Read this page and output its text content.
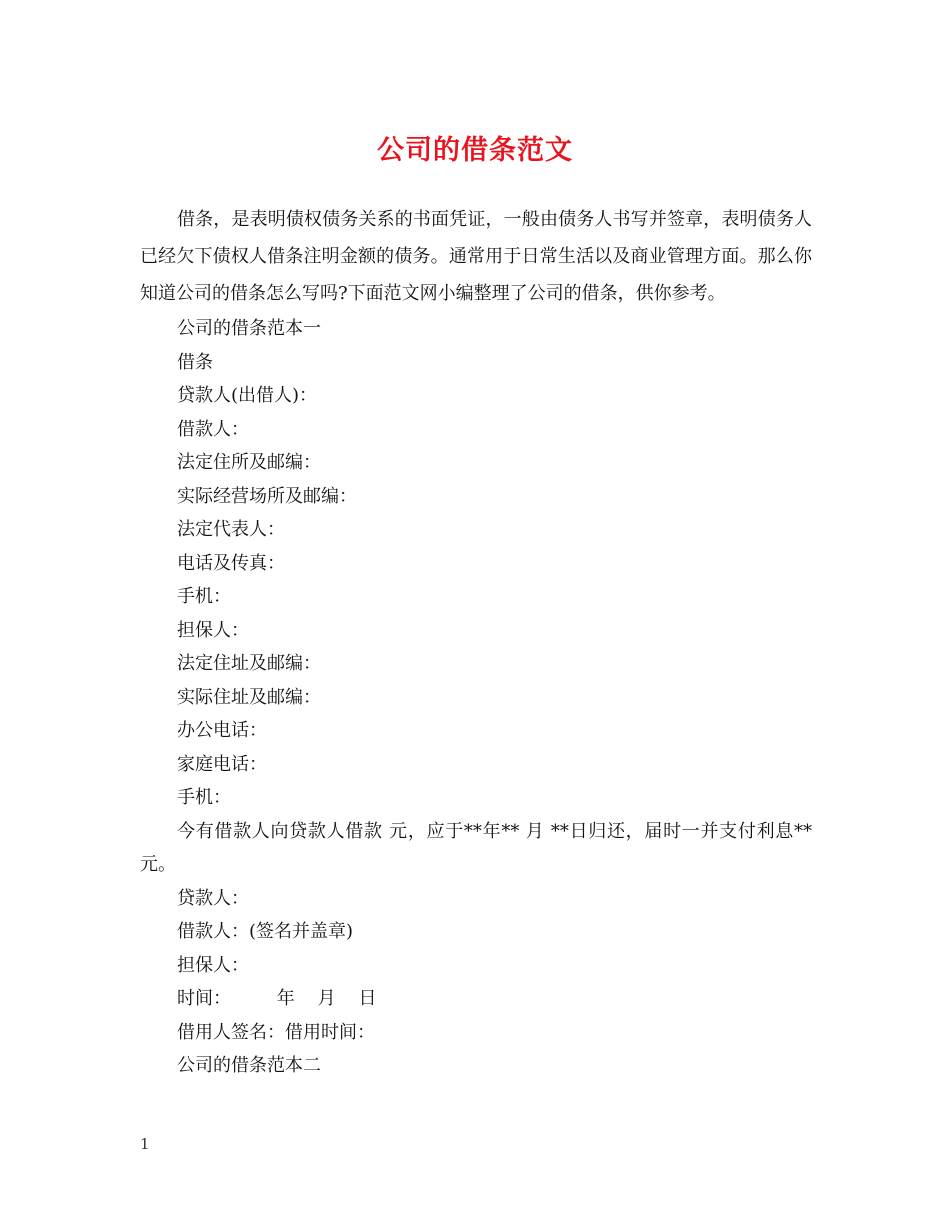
公司的借条范文

借条，是表明债权债务关系的书面凭证，一般由债务人书写并签章，表明债务人已经欠下债权人借条注明金额的债务。通常用于日常生活以及商业管理方面。那么你知道公司的借条怎么写吗?下面范文网小编整理了公司的借条，供你参考。

公司的借条范本一

借条

贷款人(出借人)：

借款人：

法定住所及邮编：

实际经营场所及邮编：

法定代表人：

电话及传真：

手机：

担保人：

法定住址及邮编：

实际住址及邮编：

办公电话：

家庭电话：

手机：

今有借款人向贷款人借款 元，应于**年** 月 **日归还，届时一并支付利息** 元。

贷款人：

借款人：(签名并盖章)

担保人：

时间：        年    月    日

借用人签名：借用时间：

公司的借条范本二

1
